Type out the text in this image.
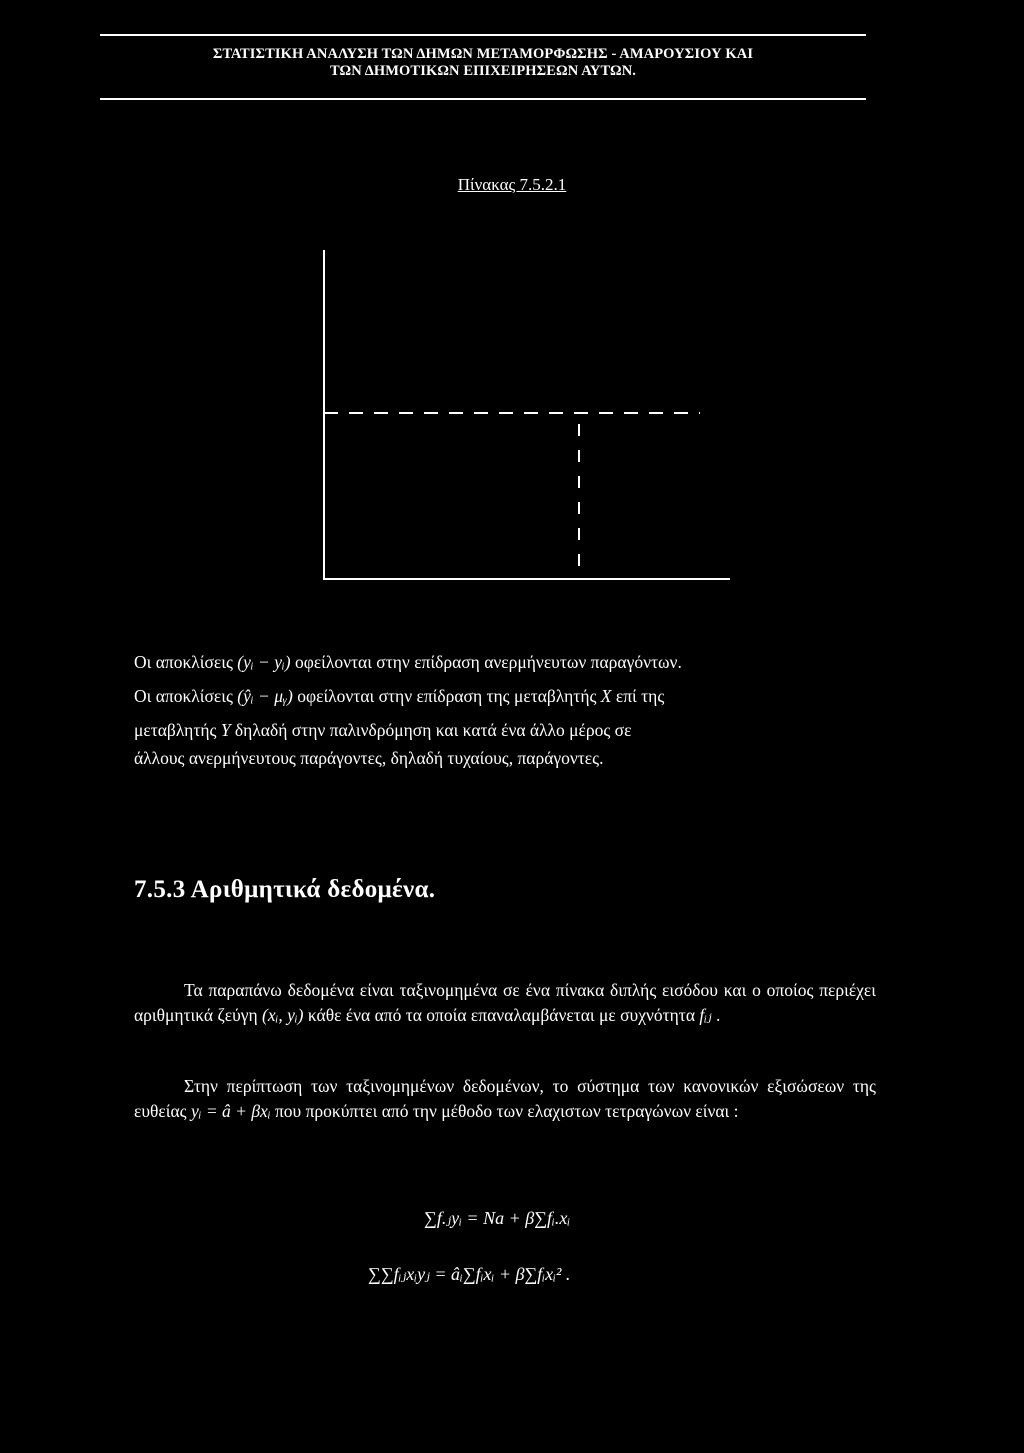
ΣΤΑΤΙΣΤΙΚΗ ΑΝΑΛΥΣΗ ΤΩΝ ΔΗΜΩΝ ΜΕΤΑΜΟΡΦΩΣΗΣ - ΑΜΑΡΟΥΣΙΟΥ ΚΑΙ
ΤΩΝ ΔΗΜΟΤΙΚΩΝ ΕΠΙΧΕΙΡΗΣΕΩΝ ΑΥΤΩΝ.
Πίνακας 7.5.2.1
Οι αποκλίσεις (yᵢ − yᵢ) οφείλονται στην επίδραση ανερμήνευτων παραγόντων.
Οι αποκλίσεις (ŷᵢ − μᵧ) οφείλονται στην επίδραση της μεταβλητής X επί της
μεταβλητής Y δηλαδή στην παλινδρόμηση και κατά ένα άλλο μέρος σε
άλλους ανερμήνευτους παράγοντες, δηλαδή τυχαίους, παράγοντες.
7.5.3 Αριθμητικά δεδομένα.
Τα παραπάνω δεδομένα είναι ταξινομημένα σε ένα πίνακα διπλής εισόδου και ο οποίος περιέχει αριθμητικά ζεύγη (xᵢ, yᵢ) κάθε ένα από τα οποία επαναλαμβάνεται με συχνότητα fᵢⱼ .
Στην περίπτωση των ταξινομημένων δεδομένων, το σύστημα των κανονικών εξισώσεων της ευθείας yᵢ = â + βxᵢ που προκύπτει από την μέθοδο των ελαχιστων τετραγώνων είναι :
∑f.ⱼyᵢ = Na + β∑fᵢ.xᵢ
∑∑fᵢⱼxᵢyⱼ = âᵢ∑fᵢxᵢ + β∑fᵢxᵢ² .
